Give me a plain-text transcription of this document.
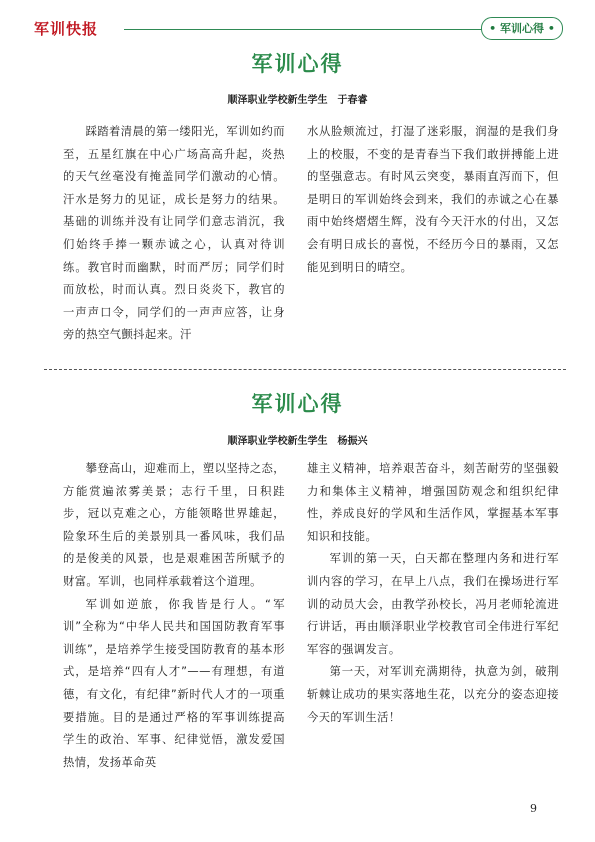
军训快报	• 军训心得 •
军训心得
顺泽职业学校新生学生　于春睿

踩踏着清晨的第一缕阳光，军训如约而至，五星红旗在中心广场高高升起，炎热的天气丝毫没有掩盖同学们激动的心情。汗水是努力的见证，成长是努力的结果。基础的训练并没有让同学们意志消沉，我们始终手捧一颗赤诚之心，认真对待训练。教官时而幽默，时而严厉；同学们时而放松，时而认真。烈日炎炎下，教官的一声声口令，同学们的一声声应答，让身旁的热空气颤抖起来。汗

水从脸颊流过，打湿了迷彩服，润湿的是我们身上的校服，不变的是青春当下我们敢拼搏能上进的坚强意志。有时风云突变，暴雨直泻而下，但是明日的军训始终会到来，我们的赤诚之心在暴雨中始终熠熠生辉，没有今天汗水的付出，又怎会有明日成长的喜悦，不经历今日的暴雨，又怎能见到明日的晴空。

军训心得
顺泽职业学校新生学生　杨振兴

攀登高山，迎难而上，塑以坚持之态，方能赏遍浓雾美景；志行千里，日积跬步，冠以克难之心，方能领略世界雄起，险象环生后的美景别具一番风味，我们品的是俊美的风景，也是艰难困苦所赋予的财富。军训，也同样承载着这个道理。

军训如逆旅，你我皆是行人。“军训”全称为“中华人民共和国国防教育军事训练”，是培养学生接受国防教育的基本形式，是培养“四有人才”——有理想，有道德，有文化，有纪律”新时代人才的一项重要措施。目的是通过严格的军事训练提高学生的政治、军事、纪律觉悟，激发爱国热情，发扬革命英

雄主义精神，培养艰苦奋斗，刻苦耐劳的坚强毅力和集体主义精神，增强国防观念和组织纪律性，养成良好的学风和生活作风，掌握基本军事知识和技能。

军训的第一天，白天都在整理内务和进行军训内容的学习，在早上八点，我们在操场进行军训的动员大会，由教学孙校长，冯月老师轮流进行讲话，再由顺泽职业学校教官司全伟进行军纪军容的强调发言。

第一天，对军训充满期待，执意为剑，破荆斩棘让成功的果实落地生花，以充分的姿态迎接今天的军训生活！

9
